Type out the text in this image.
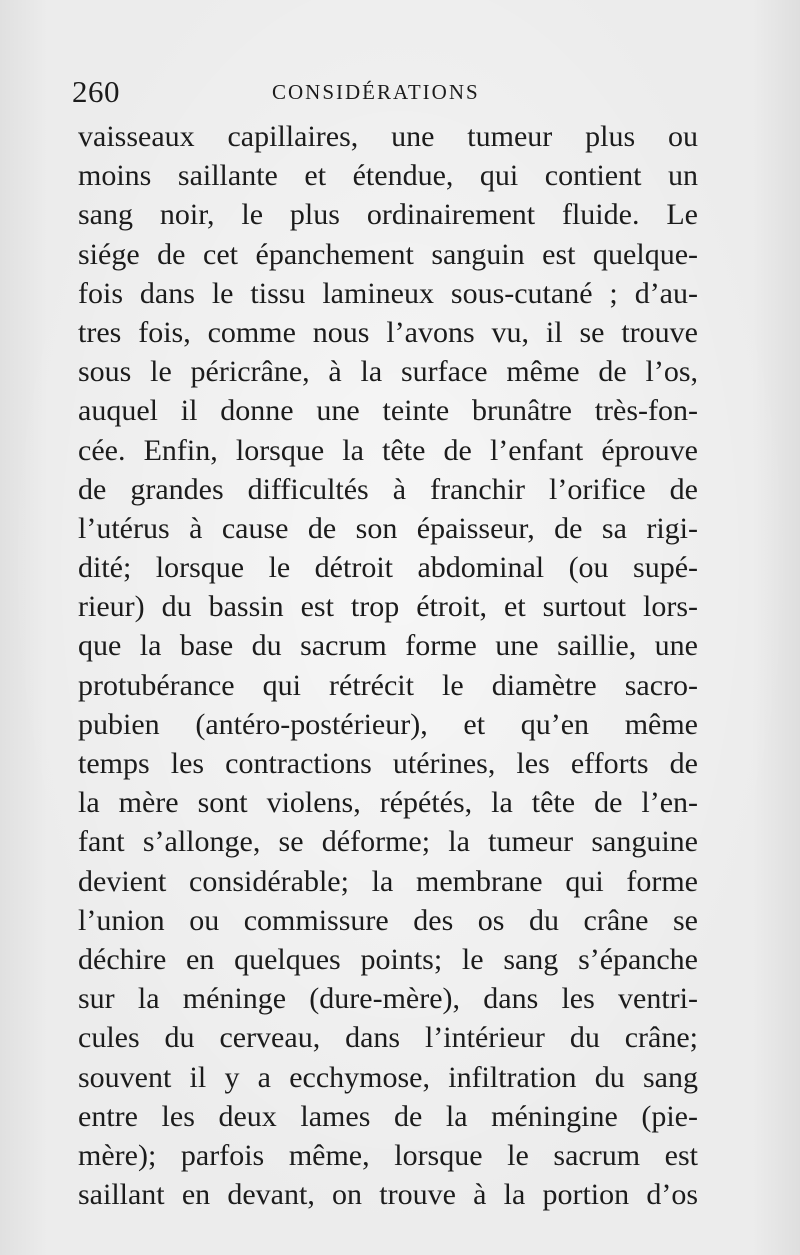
260	CONSIDÉRATIONS
vaisseaux capillaires, une tumeur plus ou
moins saillante et étendue, qui contient un
sang noir, le plus ordinairement fluide. Le
siége de cet épanchement sanguin est quelque-
fois dans le tissu lamineux sous-cutané ; d’au-
tres fois, comme nous l’avons vu, il se trouve
sous le péricrâne, à la surface même de l’os,
auquel il donne une teinte brunâtre très-fon-
cée. Enfin, lorsque la tête de l’enfant éprouve
de grandes difficultés à franchir l’orifice de
l’utérus à cause de son épaisseur, de sa rigi-
dité; lorsque le détroit abdominal (ou supé-
rieur) du bassin est trop étroit, et surtout lors-
que la base du sacrum forme une saillie, une
protubérance qui rétrécit le diamètre sacro-
pubien (antéro-postérieur), et qu’en même
temps les contractions utérines, les efforts de
la mère sont violens, répétés, la tête de l’en-
fant s’allonge, se déforme; la tumeur sanguine
devient considérable; la membrane qui forme
l’union ou commissure des os du crâne se
déchire en quelques points; le sang s’épanche
sur la méninge (dure-mère), dans les ventri-
cules du cerveau, dans l’intérieur du crâne;
souvent il y a ecchymose, infiltration du sang
entre les deux lames de la méningine (pie-
mère); parfois même, lorsque le sacrum est
saillant en devant, on trouve à la portion d’os
